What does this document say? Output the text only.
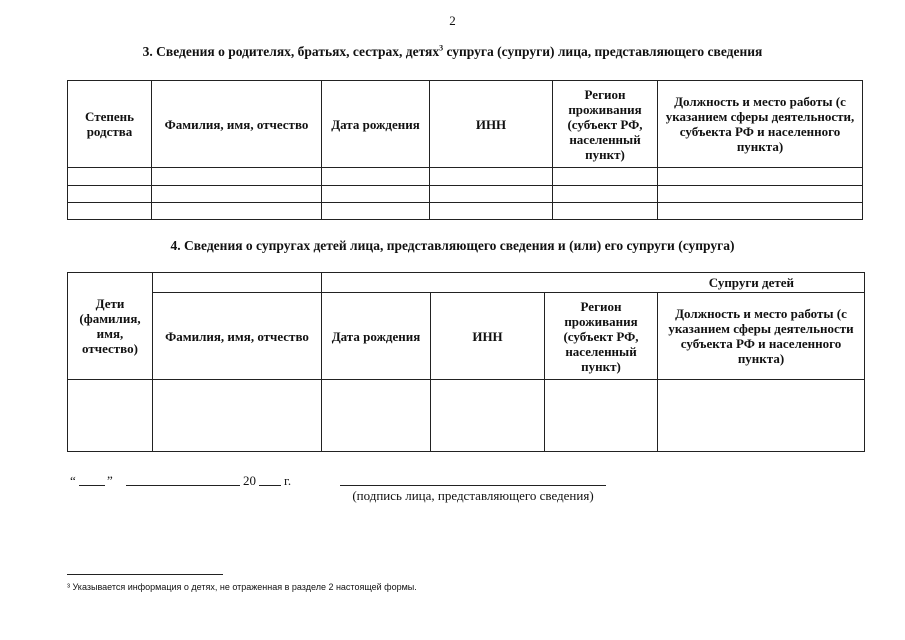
2
3. Сведения о родителях, братьях, сестрах, детях$^3$ супруга (супруги) лица, представляющего сведения
Степень родства	Фамилия, имя, отчество	Дата рождения	ИНН	Регион проживания (субъект РФ, населенный пункт)	Должность и место работы (с указанием сферы деятельности, субъекта РФ и населенного пункта)

4. Сведения о супругах детей лица, представляющего сведения и (или) его супруги (супруга)
Дети (фамилия, имя, отчество)		Супруги детей			
	Фамилия, имя, отчество	Дата рождения	ИНН	Регион проживания (субъект РФ, населенный пункт)	Должность и место работы (с указанием сферы деятельности субъекта РФ и населенного пункта)

“ ”	20 г.
(подпись лица, представляющего сведения)
³ Указывается информация о детях, не отраженная в разделе 2 настоящей формы.
